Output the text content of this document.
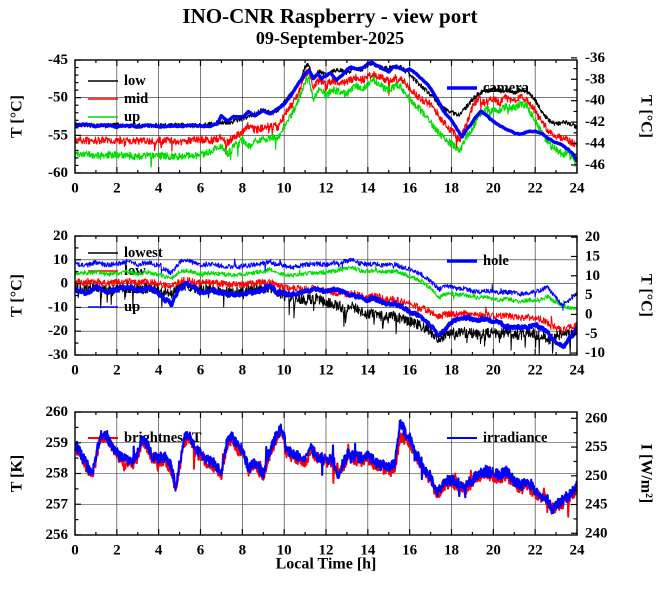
INO-CNR Raspberry - view port
09-September-2025
low
mid
up
camera
0 2 4 6 8 10 12 14 16 18 20 22 24
-45
-50
-55
-60
-36
-38
-40
-42
-44
-46
T [°C]	T [°C]
lowest
low
mid
up
hole
0 2 4 6 8 10 12 14 16 18 20 22 24
20
10
0
-10
-20
-30
20
15
10
5
0
-5
-10
T [°C]	T [°C]
brightness T	irradiance
0 2 4 6 8 10 12 14 16 18 20 22 24
260
259
258
257
256
260
255
250
245
240
T [K]	I [W/m²]
Local Time [h]
